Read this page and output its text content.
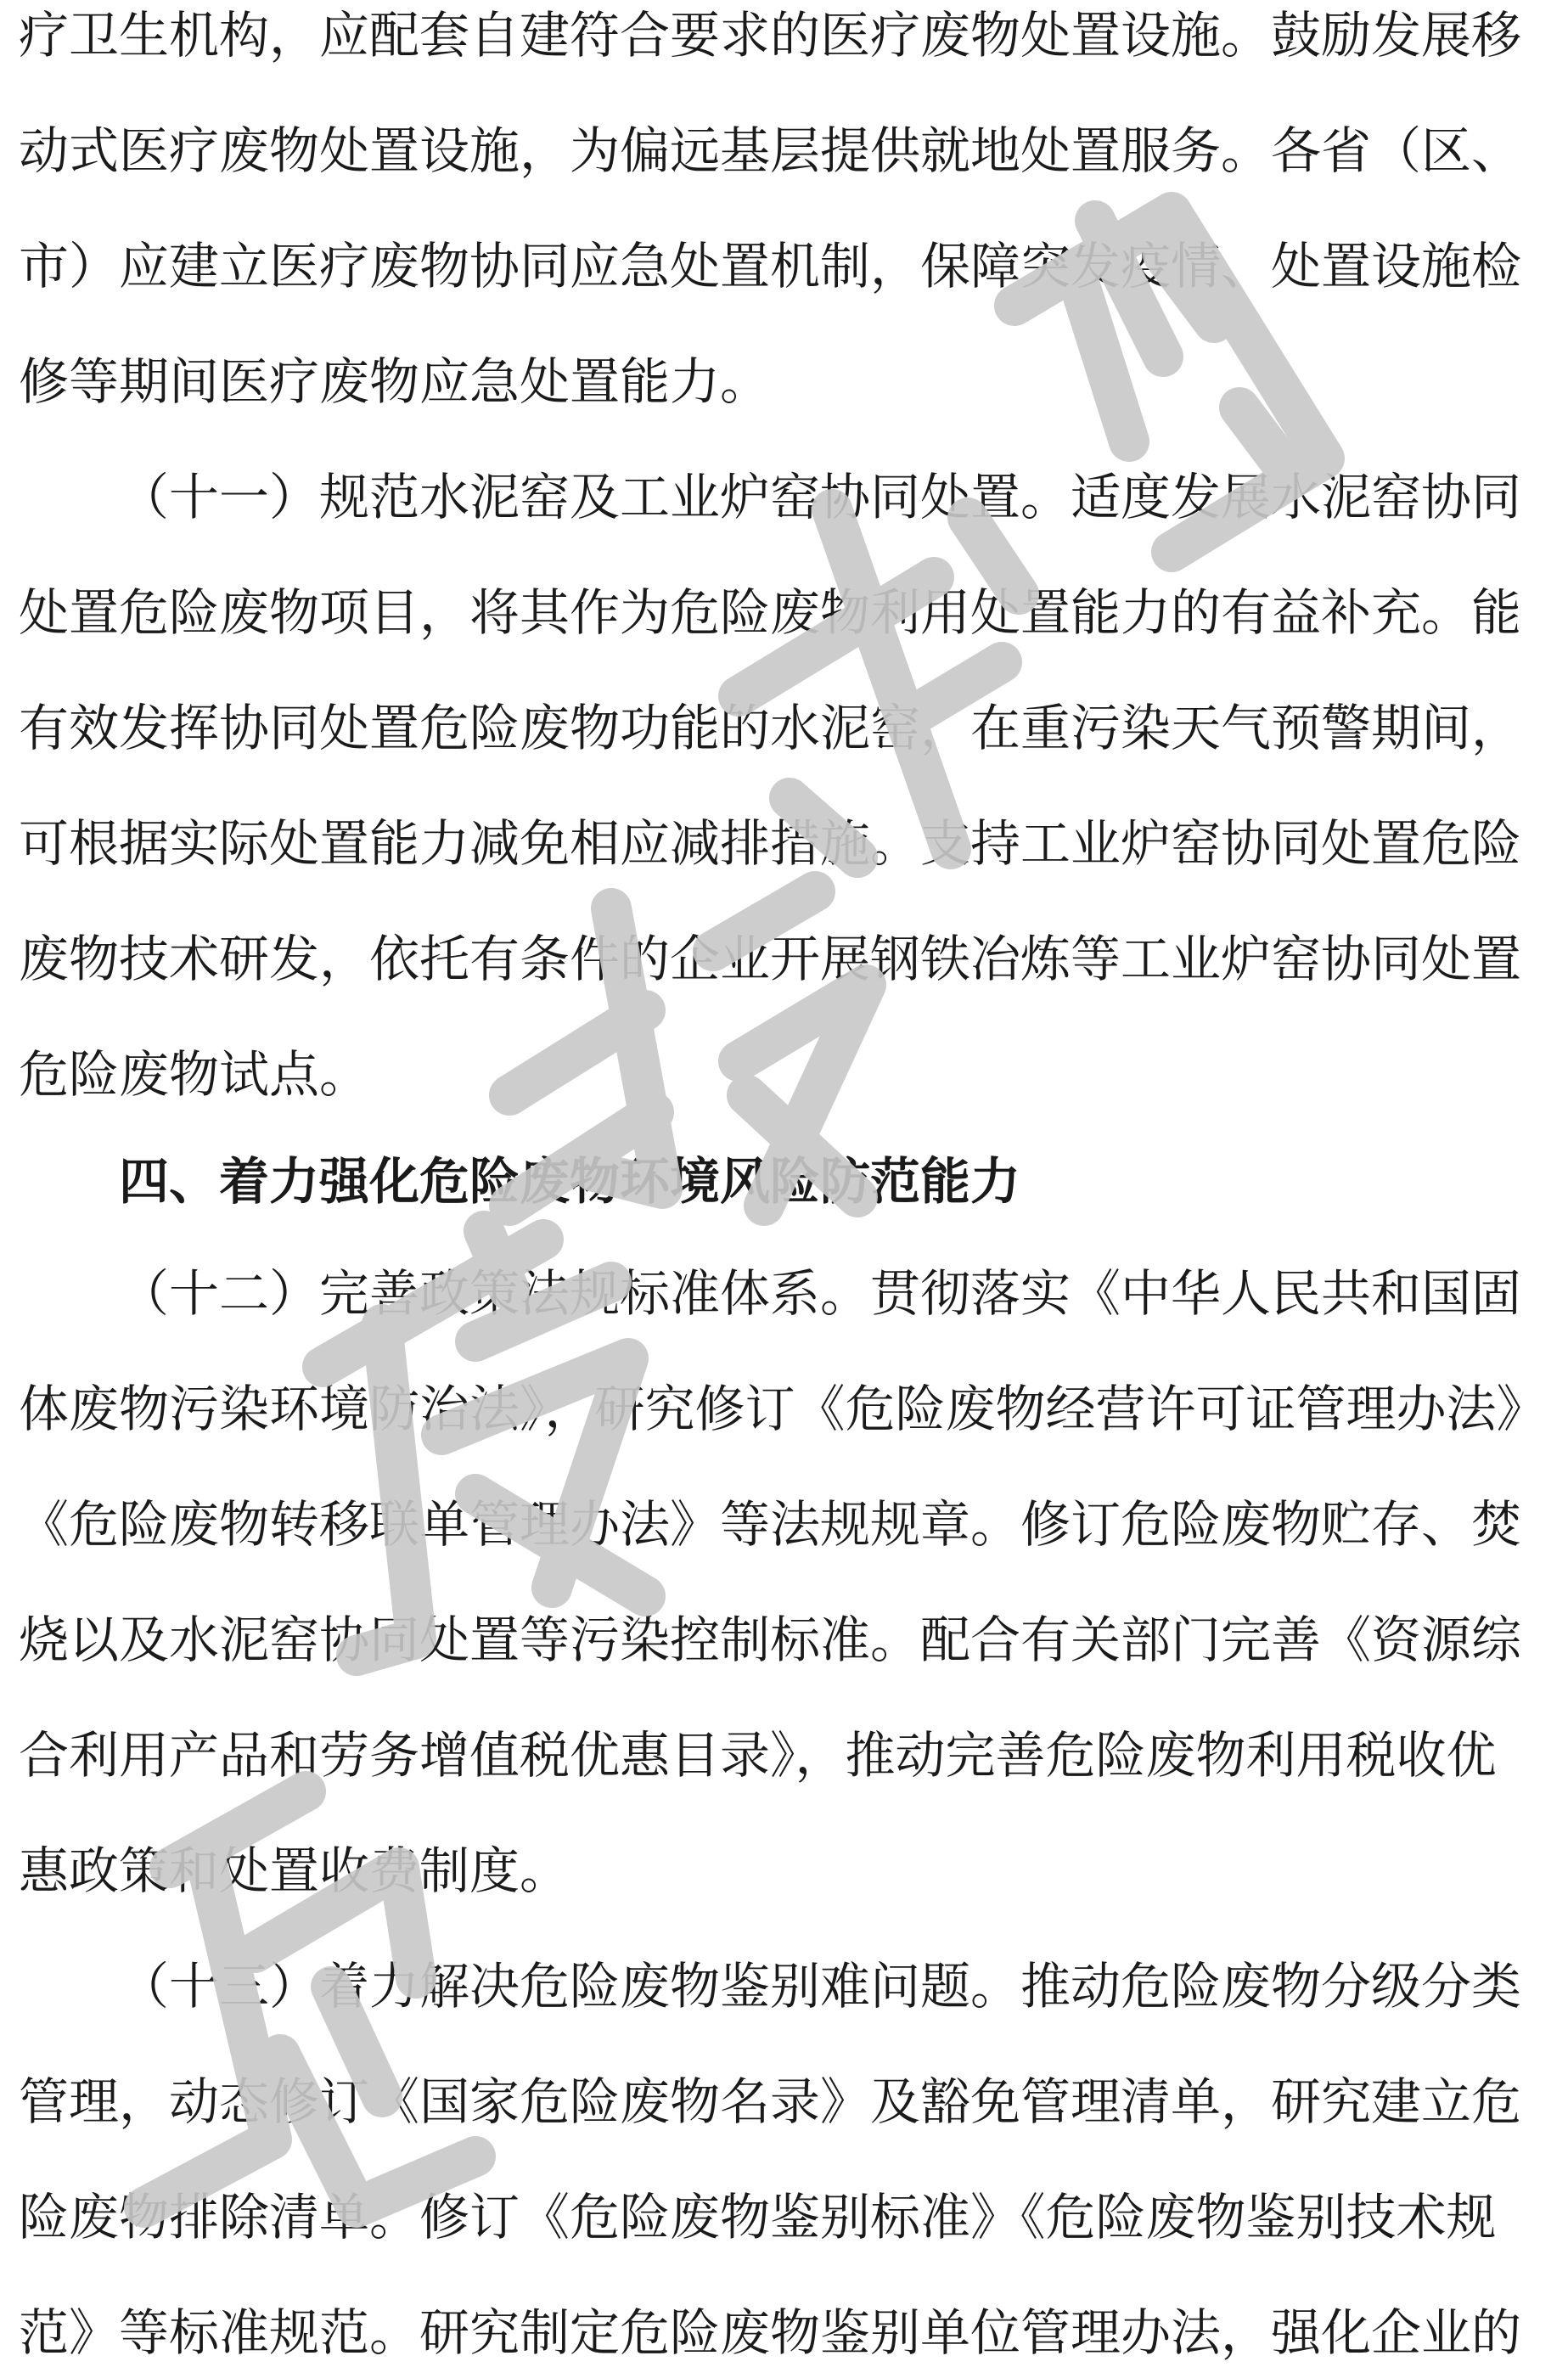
疗卫生机构，应配套自建符合要求的医疗废物处置设施。鼓励发展移
动式医疗废物处置设施，为偏远基层提供就地处置服务。各省（区、
市）应建立医疗废物协同应急处置机制，保障突发疫情、处置设施检
修等期间医疗废物应急处置能力。
（十一）规范水泥窑及工业炉窑协同处置。适度发展水泥窑协同
处置危险废物项目，将其作为危险废物利用处置能力的有益补充。能
有效发挥协同处置危险废物功能的水泥窑，在重污染天气预警期间，
可根据实际处置能力减免相应减排措施。支持工业炉窑协同处置危险
废物技术研发，依托有条件的企业开展钢铁冶炼等工业炉窑协同处置
危险废物试点。
四、着力强化危险废物环境风险防范能力
（十二）完善政策法规标准体系。贯彻落实《中华人民共和国固
体废物污染环境防治法》，研究修订《危险废物经营许可证管理办法》
《危险废物转移联单管理办法》等法规规章。修订危险废物贮存、焚
烧以及水泥窑协同处置等污染控制标准。配合有关部门完善《资源综
合利用产品和劳务增值税优惠目录》，推动完善危险废物利用税收优
惠政策和处置收费制度。
（十三）着力解决危险废物鉴别难问题。推动危险废物分级分类
管理，动态修订《国家危险废物名录》及豁免管理清单，研究建立危
险废物排除清单。修订《危险废物鉴别标准》《危险废物鉴别技术规
范》等标准规范。研究制定危险废物鉴别单位管理办法，强化企业的
